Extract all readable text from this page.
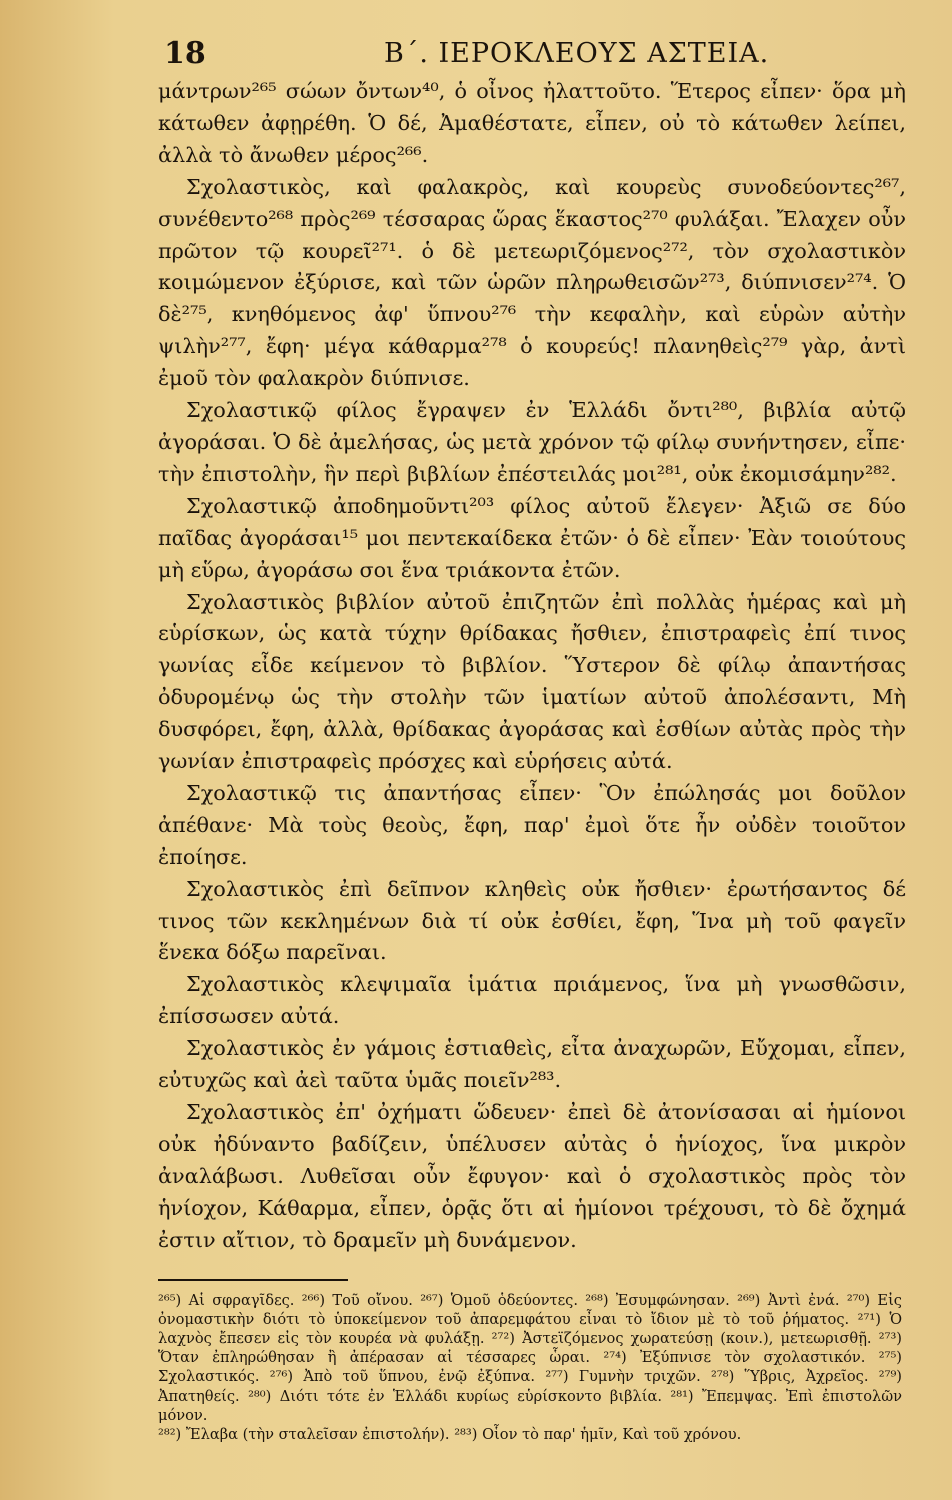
18	Β΄. ΙΕΡΟΚΛΕΟΥΣ ΑΣΤΕΙΑ.

μάντρων²⁶⁵ σώων ὄντων⁴⁰, ὁ οἶνος ἠλαττοῦτο. Ἕτερος εἶπεν· ὅρα μὴ κάτωθεν ἀφῃρέθη. Ὁ δέ, Ἀμαθέστατε, εἶπεν, οὐ τὸ κάτωθεν λείπει, ἀλλὰ τὸ ἄνωθεν μέρος²⁶⁶.

Σχολαστικὸς, καὶ φαλακρὸς, καὶ κουρεὺς συνοδεύοντες²⁶⁷, συνέθεντο²⁶⁸ πρὸς²⁶⁹ τέσσαρας ὥρας ἕκαστος²⁷⁰ φυλάξαι. Ἔλαχεν οὖν πρῶτον τῷ κουρεῖ²⁷¹. ὁ δὲ μετεωριζόμενος²⁷², τὸν σχολαστικὸν κοιμώμενον ἐξύρισε, καὶ τῶν ὡρῶν πληρωθεισῶν²⁷³, διύπνισεν²⁷⁴. Ὁ δὲ²⁷⁵, κνηθόμενος ἀφ' ὕπνου²⁷⁶ τὴν κεφαλὴν, καὶ εὑρὼν αὐτὴν ψιλὴν²⁷⁷, ἔφη· μέγα κάθαρμα²⁷⁸ ὁ κουρεύς! πλανηθεὶς²⁷⁹ γὰρ, ἀντὶ ἐμοῦ τὸν φαλακρὸν διύπνισε.

Σχολαστικῷ φίλος ἔγραψεν ἐν Ἑλλάδι ὄντι²⁸⁰, βιβλία αὐτῷ ἀγοράσαι. Ὁ δὲ ἀμελήσας, ὡς μετὰ χρόνον τῷ φίλῳ συνήντησεν, εἶπε· τὴν ἐπιστολὴν, ἣν περὶ βιβλίων ἐπέστειλάς μοι²⁸¹, οὐκ ἐκομισάμην²⁸².

Σχολαστικῷ ἀποδημοῦντι²⁰³ φίλος αὐτοῦ ἔλεγεν· Ἀξιῶ σε δύο παῖδας ἀγοράσαι¹⁵ μοι πεντεκαίδεκα ἐτῶν· ὁ δὲ εἶπεν· Ἐὰν τοιούτους μὴ εὕρω, ἀγοράσω σοι ἕνα τριάκοντα ἐτῶν.

Σχολαστικὸς βιβλίον αὐτοῦ ἐπιζητῶν ἐπὶ πολλὰς ἡμέρας καὶ μὴ εὑρίσκων, ὡς κατὰ τύχην θρίδακας ἤσθιεν, ἐπιστραφεὶς ἐπί τινος γωνίας εἶδε κείμενον τὸ βιβλίον. Ὕστερον δὲ φίλῳ ἀπαντήσας ὀδυρομένῳ ὡς τὴν στολὴν τῶν ἱματίων αὐτοῦ ἀπολέσαντι, Μὴ δυσφόρει, ἔφη, ἀλλὰ, θρίδακας ἀγοράσας καὶ ἐσθίων αὐτὰς πρὸς τὴν γωνίαν ἐπιστραφεὶς πρόσχες καὶ εὑρήσεις αὐτά.

Σχολαστικῷ τις ἀπαντήσας εἶπεν· Ὃν ἐπώλησάς μοι δοῦλον ἀπέθανε· Μὰ τοὺς θεοὺς, ἔφη, παρ' ἐμοὶ ὅτε ἦν οὐδὲν τοιοῦτον ἐποίησε.

Σχολαστικὸς ἐπὶ δεῖπνον κληθεὶς οὐκ ἤσθιεν· ἐρωτήσαντος δέ τινος τῶν κεκλημένων διὰ τί οὐκ ἐσθίει, ἔφη, Ἵνα μὴ τοῦ φαγεῖν ἕνεκα δόξω παρεῖναι.

Σχολαστικὸς κλεψιμαῖα ἱμάτια πριάμενος, ἵνα μὴ γνωσθῶσιν, ἐπίσσωσεν αὐτά.

Σχολαστικὸς ἐν γάμοις ἑστιαθεὶς, εἶτα ἀναχωρῶν, Εὔχομαι, εἶπεν, εὐτυχῶς καὶ ἀεὶ ταῦτα ὑμᾶς ποιεῖν²⁸³.

Σχολαστικὸς ἐπ' ὀχήματι ὥδευεν· ἐπεὶ δὲ ἀτονίσασαι αἱ ἡμίονοι οὐκ ἠδύναντο βαδίζειν, ὑπέλυσεν αὐτὰς ὁ ἡνίοχος, ἵνα μικρὸν ἀναλάβωσι. Λυθεῖσαι οὖν ἔφυγον· καὶ ὁ σχολαστικὸς πρὸς τὸν ἡνίοχον, Κάθαρμα, εἶπεν, ὁρᾷς ὅτι αἱ ἡμίονοι τρέχουσι, τὸ δὲ ὄχημά ἐστιν αἴτιον, τὸ δραμεῖν μὴ δυνάμενον.

²⁶⁵) Αἱ σφραγῖδες. ²⁶⁶) Τοῦ οἴνου. ²⁶⁷) Ὁμοῦ ὁδεύοντες. ²⁶⁸) Ἐσυμφώνησαν. ²⁶⁹) Ἀντὶ ἐνά. ²⁷⁰) Εἰς ὀνομαστικὴν διότι τὸ ὑποκείμενον τοῦ ἀπαρεμφάτου εἶναι τὸ ἴδιον μὲ τὸ τοῦ ῥήματος. ²⁷¹) Ὁ λαχνὸς ἔπεσεν εἰς τὸν κουρέα νὰ φυλάξῃ. ²⁷²) Ἀστεϊζόμενος χωρατεύσῃ (κοιν.), μετεωρισθῇ. ²⁷³) Ὅταν ἐπληρώθησαν ἢ ἀπέρασαν αἱ τέσσαρες ὧραι. ²⁷⁴) Ἐξύπνισε τὸν σχολαστικόν. ²⁷⁵) Σχολαστικός. ²⁷⁶) Ἀπὸ τοῦ ὕπνου, ἐνῷ ἐξύπνα. ²⁷⁷) Γυμνὴν τριχῶν. ²⁷⁸) Ὕβρις, Ἀχρεῖος. ²⁷⁹) Ἀπατηθείς. ²⁸⁰) Διότι τότε ἐν Ἑλλάδι κυρίως εὑρίσκοντο βιβλία. ²⁸¹) Ἔπεμψας. Ἐπὶ ἐπιστολῶν μόνον.

²⁸²) Ἔλαβα (τὴν σταλεῖσαν ἐπιστολήν). ²⁸³) Οἷον τὸ παρ' ἡμῖν, Καὶ τοῦ χρόνου.
